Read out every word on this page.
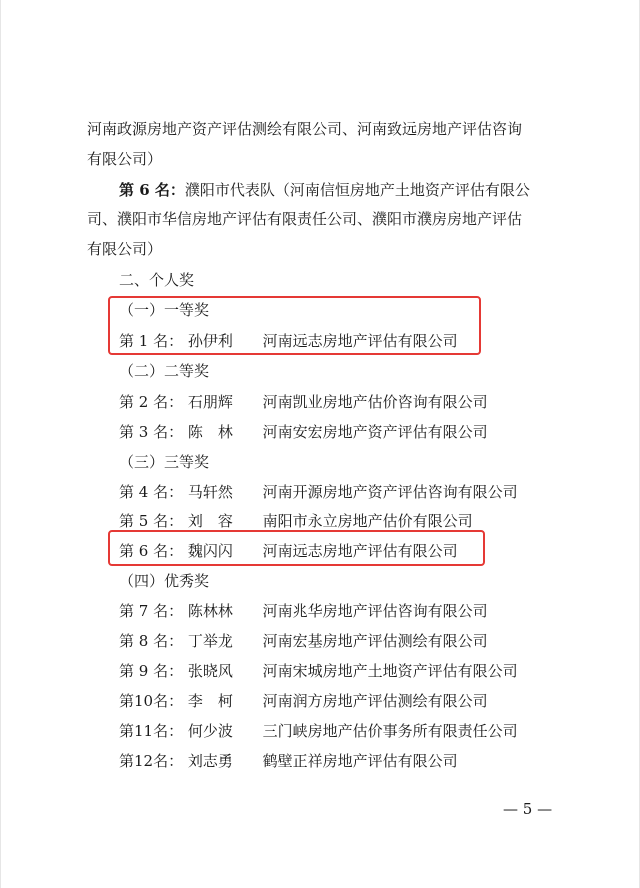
河南政源房地产资产评估测绘有限公司、河南致远房地产评估咨询
有限公司）
第 6 名：濮阳市代表队（河南信恒房地产土地资产评估有限公
司、濮阳市华信房地产评估有限责任公司、濮阳市濮房房地产评估
有限公司）
二、个人奖
（一）一等奖
第 1 名： 孙伊利 河南远志房地产评估有限公司
（二）二等奖
第 2 名： 石朋辉 河南凯业房地产估价咨询有限公司
第 3 名： 陈　林 河南安宏房地产资产评估有限公司
（三）三等奖
第 4 名： 马轩然 河南开源房地产资产评估咨询有限公司
第 5 名： 刘　容 南阳市永立房地产估价有限公司
第 6 名： 魏闪闪 河南远志房地产评估有限公司
（四）优秀奖
第 7 名： 陈林林 河南兆华房地产评估咨询有限公司
第 8 名： 丁举龙 河南宏基房地产评估测绘有限公司
第 9 名： 张晓风 河南宋城房地产土地资产评估有限公司
第10名： 李　柯 河南润方房地产评估测绘有限公司
第11名： 何少波 三门峡房地产估价事务所有限责任公司
第12名： 刘志勇 鹤壁正祥房地产评估有限公司
— 5 —
